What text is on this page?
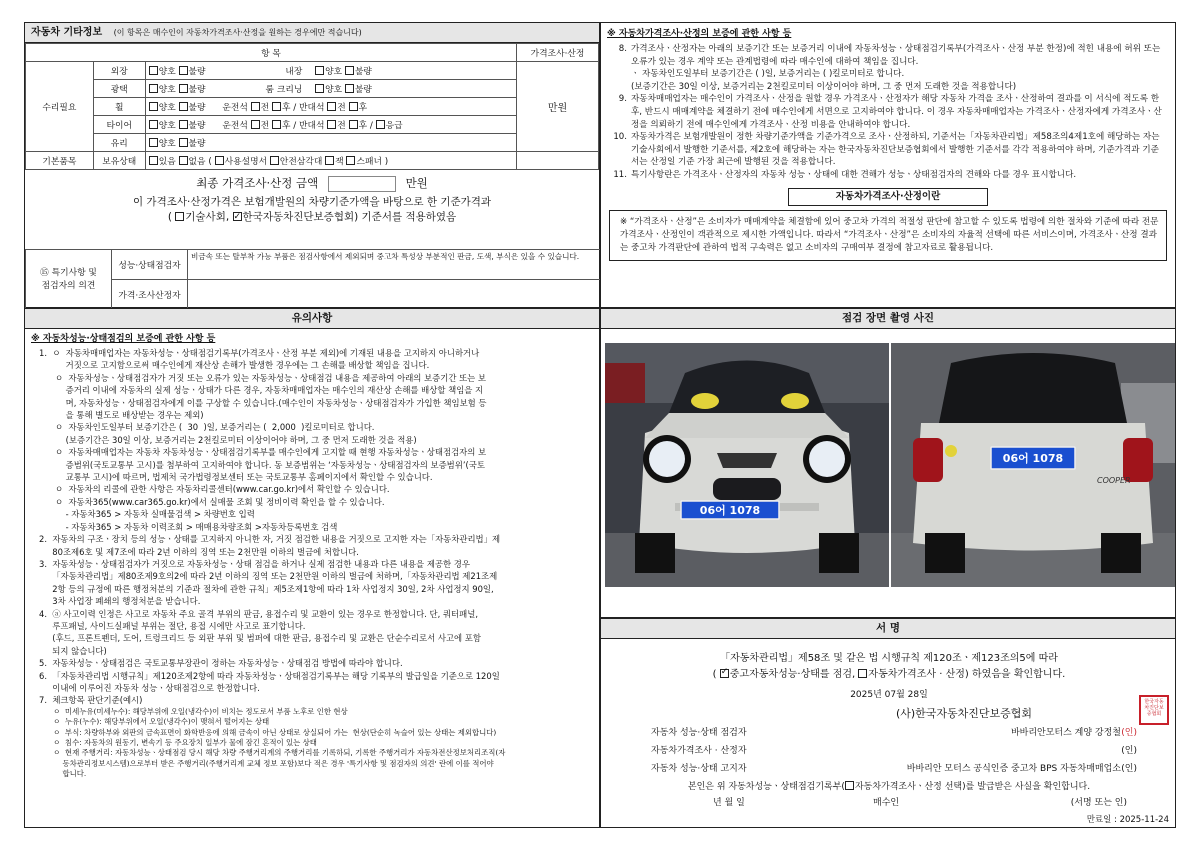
자동차 기타정보 (이 항목은 매수인이 자동차가격조사·산정을 원하는 경우에만 적습니다)
항 목			가격조사·산정
수리필요	외장	양호 불량 내장 양호 불량	만원
	광택	양호 불량 룸 크리닝 양호 불량	
	휠	양호 불량 운전석 전 후 / 반대석 전 후	
	타이어	양호 불량 운전석 전 후 / 반대석 전 후 / 응급	
	유리	양호 불량	
기본품목	보유상태	있음 없음 ( 사용설명서 안전삼각대 잭 스패너 )	
최종 가격조사·산정 금액	만원
이 가격조사·산정가격은 보험개발원의 차량기준가액을 바탕으로 한 기준가격과
( 기술사회, ✓한국자동차진단보증협회) 기준서를 적용하였음
⑮ 특기사항 및
점검자의 의견	성능·상태점검자	비금속 또는 탈부착 가능 부품은 점검사항에서 제외되며 중고차 특성상 부분적인 판금, 도색, 부식은 있을 수 있습니다.
	가격·조사산정자	
※ 자동차가격조사·산정의 보증에 관한 사항 등
8. 가격조사ㆍ산정자는 아래의 보증기간 또는 보증거리 이내에 자동차성능ㆍ상태점검기록부(가격조사ㆍ산정 부분 한정)에 적힌 내용에 허위 또는 오류가 있는 경우 계약 또는 관계법령에 따라 매수인에 대하여 책임을 집니다.
ㆍ 자동차인도일부터 보증기간은 ( )일, 보증거리는 ( )킬로미터로 합니다.
(보증기간은 30일 이상, 보증거리는 2천킬로미터 이상이어야 하며, 그 중 먼저 도래한 것을 적용합니다)
9. 자동차매매업자는 매수인이 가격조사ㆍ산정을 원할 경우 가격조사ㆍ산정자가 해당 자동차 가격을 조사ㆍ산정하여 결과를 이 서식에 적도록 한 후, 반드시 매매계약을 체결하기 전에 매수인에게 서면으로 고지하여야 합니다. 이 경우 자동차매매업자는 가격조사ㆍ산정자에게 가격조사ㆍ산정을 의뢰하기 전에 매수인에게 가격조사ㆍ산정 비용을 안내하여야 합니다.
10. 자동차가격은 보험개발원이 정한 차량기준가액을 기준가격으로 조사ㆍ산정하되, 기준서는「자동차관리법」제58조의4제1호에 해당하는 자는 기술사회에서 발행한 기준서를, 제2호에 해당하는 자는 한국자동차진단보증협회에서 발행한 기준서를 각각 적용하여야 하며, 기준가격과 기준서는 산정일 기준 가장 최근에 발행된 것을 적용합니다.
11. 특기사항란은 가격조사ㆍ산정자의 자동차 성능ㆍ상태에 대한 견해가 성능ㆍ상태점검자의 견해와 다를 경우 표시합니다.
자동차가격조사·산정이란
※ “가격조사ㆍ산정”은 소비자가 매매계약을 체결함에 있어 중고차 가격의 적절성 판단에 참고할 수 있도록 법령에 의한 절차와 기준에 따라 전문 가격조사ㆍ산정인이 객관적으로 제시한 가액입니다. 따라서 “가격조사ㆍ산정”은 소비자의 자율적 선택에 따른 서비스이며, 가격조사ㆍ산정 결과는 중고차 가격판단에 관하여 법적 구속력은 없고 소비자의 구매여부 결정에 참고자료로 활용됩니다.
유의사항
※ 자동차성능·상태점검의 보증에 관한 사항 등
1.  ㅇ  자동차매매업자는 자동차성능ㆍ상태점검기록부(가격조사ㆍ산정 부분 제외)에 기재된 내용을 고지하지 아니하거나
거짓으로 고지함으로써 매수인에게 재산상 손해가 발생한 경우에는 그 손해를 배상할 책임을 집니다.
ㅇ  자동차성능ㆍ상태점검자가 거짓 또는 오류가 있는 자동차성능ㆍ상태점검 내용을 제공하여 아래의 보증기간 또는 보
증거리 이내에 자동차의 실제 성능ㆍ상태가 다른 경우, 자동차매매업자는 매수인의 재산상 손해를 배상할 책임을 지
며, 자동차성능ㆍ상태점검자에게 이를 구상할 수 있습니다.(매수인이 자동차성능ㆍ상태점검자가 가입한 책임보험 등
을 통해 별도로 배상받는 경우는 제외)
ㅇ  자동차인도일부터 보증기간은 (  30  )일, 보증거리는 (  2,000  )킬로미터로 합니다.
(보증기간은 30일 이상, 보증거리는 2천킬로미터 이상이어야 하며, 그 중 먼저 도래한 것을 적용)
ㅇ  자동차매매업자는 자동차 자동차성능ㆍ상태점검기록부를 매수인에게 고지할 때 현행 자동차성능ㆍ상태점검자의 보
증범위(국토교통부 고시)를 첨부하여 고지하여야 합니다. 동 보증범위는 ‘자동차성능ㆍ상태점검자의 보증범위’(국토
교통부 고시)에 따르며, 법제처 국가법령정보센터 또는 국토교통부 홈페이지에서 확인할 수 있습니다.
ㅇ  자동차의 리콜에 관한 사항은 자동차리콜센터(www.car.go.kr)에서 확인할 수 있습니다.
ㅇ  자동차365(www.car365.go.kr)에서 실매물 조회 및 정비이력 확인을 할 수 있습니다.
- 자동차365 > 자동차 실매물검색 > 차량번호 입력
- 자동차365 > 자동차 이력조회 > 매매용차량조회 >자동차등록번호 검색
2.  자동차의 구조ㆍ장치 등의 성능ㆍ상태를 고지하지 아니한 자, 거짓 점검한 내용을 거짓으로 고지한 자는「자동차관리법」제
80조제6호 및 제7조에 따라 2년 이하의 징역 또는 2천만원 이하의 벌금에 처합니다.
3.  자동차성능ㆍ상태점검자가 거짓으로 자동차성능ㆍ상태 점검을 하거나 실제 점검한 내용과 다른 내용을 제공한 경우
「자동차관리법」제80조제9호의2에 따라 2년 이하의 징역 또는 2천만원 이하의 벌금에 처하며,「자동차관리법 제21조제
2항 등의 규정에 따른 행정처분의 기준과 절차에 관한 규칙」제5조제1항에 따라 1차 사업정지 30일, 2차 사업정지 90일,
3차 사업장 폐쇄의 행정처분을 받습니다.
4.  ⓐ 사고이력 인정은 사고로 자동차 주요 골격 부위의 판금, 용접수리 및 교환이 있는 경우로 한정합니다. 단, 쿼터패널,
루프패널, 사이드실패널 부위는 절단, 용접 시에만 사고로 표기합니다.
(후드, 프론트펜더, 도어, 트렁크리드 등 외판 부위 및 범퍼에 대한 판금, 용접수리 및 교환은 단순수리로서 사고에 포함
되지 않습니다)
5.  자동차성능ㆍ상태점검은 국토교통부장관이 정하는 자동차성능ㆍ상태점검 방법에 따라야 합니다.
6.  「자동차관리법 시행규칙」제120조제2항에 따라 자동차성능ㆍ상태점검기록부는 해당 기록부의 발급일을 기준으로 120일
이내에 이루어진 자동차 성능ㆍ상태점검으로 한정합니다.
7.  체크항목 판단기준(예시)
ㅇ  미세누유(미세누수): 해당부위에 오일(냉각수)이 비치는 정도로서 부품 노후로 인한 현상
ㅇ  누유(누수): 해당부위에서 오일(냉각수)이 맺혀서 떨어지는 상태
ㅇ  부식: 차량하부와 외판의 금속표면이 화학반응에 의해 금속이 아닌 상태로 상실되어 가는  현상(단순히 녹슬어 있는 상태는 제외합니다)
ㅇ  침수: 자동차의 원동기, 변속기 등 주요장치 일부가 물에 잠긴 흔적이 있는 상태
ㅇ  현재 주행거리: 자동차성능ㆍ상태점검 당시 해당 차량 주행거리계의 주행거리를 기록하되, 기록한 주행거리가 자동차전산정보처리조직(자
동차관리정보시스템)으로부터 받은 주행거리(주행거리계 교체 정보 포함)보다 적은 경우 '특기사항 및 점검자의 의견' 란에 이를 적어야
합니다.
점검 장면 촬영 사진
06어 1078
06어 1078
COOPER
서 명
「자동차관리법」제58조 및 같은 법 시행규칙 제120조ㆍ제123조의5에 따라
( ✓중고자동차성능·상태를 점검, 자동차가격조사 · 산정) 하였음을 확인합니다.
2025년 07월 28일
(사)한국자동차진단보증협회
한국자동차진단보증협회
자동차 성능·상태 점검자	바바리안모터스 계양 강정철 (인)
자동차가격조사 · 산정자	(인)
자동차 성능·상태 고지자	바바리안 모터스 공식인증 중고차 BPS 자동차매매업소 (인)
본인은 위 자동차성능ㆍ상태점검기록부( 자동차가격조사ㆍ산정 선택)를 발급받은 사실을 확인합니다.
년 월 일	매수인	(서명 또는 인)
만료일 : 2025-11-24
